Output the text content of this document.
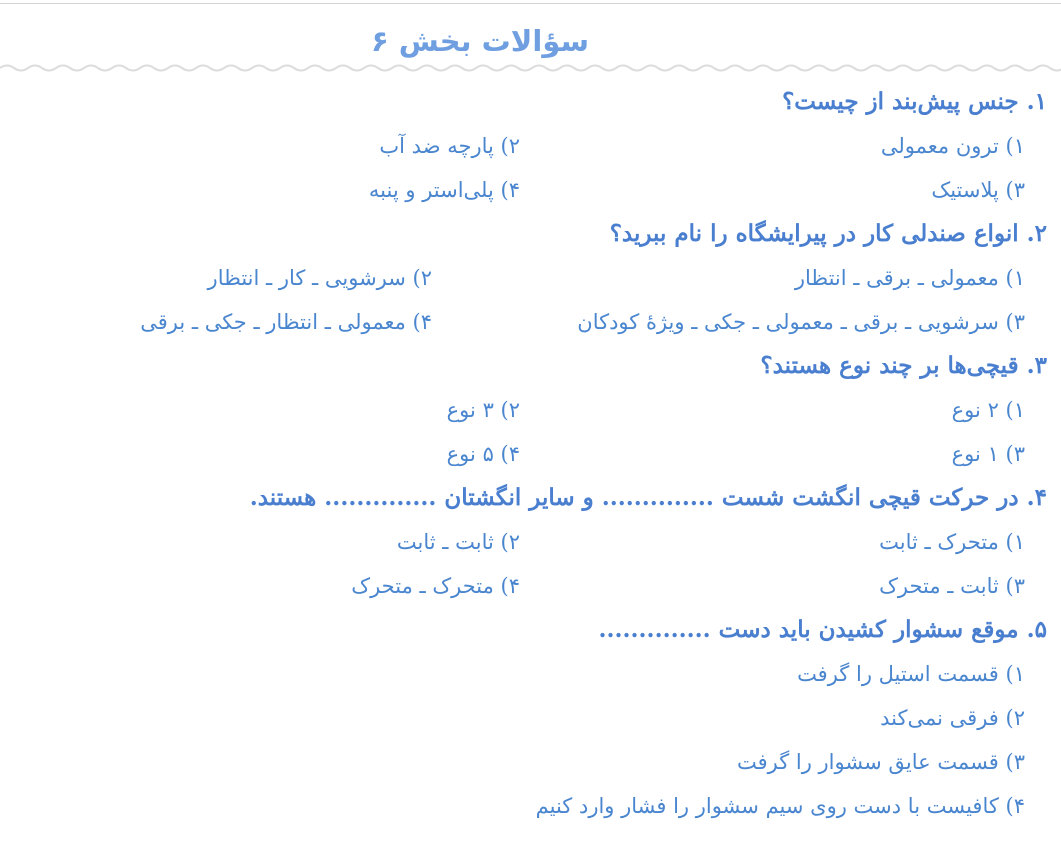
سؤالات بخش ۶
۱. جنس پیش‌بند از چیست؟
۱) ترون معمولی
۲) پارچه ضد آب
۳) پلاستیک
۴) پلی‌استر و پنبه
۲. انواع صندلی کار در پیرایشگاه را نام ببرید؟
۱) معمولی ـ برقی ـ انتظار
۲) سرشویی ـ کار ـ انتظار
۳) سرشویی ـ برقی ـ معمولی ـ جکی ـ ویژهٔ کودکان
۴) معمولی ـ انتظار ـ جکی ـ برقی
۳. قیچی‌ها بر چند نوع هستند؟
۱) ۲ نوع
۲) ۳ نوع
۳) ۱ نوع
۴) ۵ نوع
۴. در حرکت قیچی انگشت شست .............. و سایر انگشتان .............. هستند.
۱) متحرک ـ ثابت
۲) ثابت ـ ثابت
۳) ثابت ـ متحرک
۴) متحرک ـ متحرک
۵. موقع سشوار کشیدن باید دست ..............
۱) قسمت استیل را گرفت
۲) فرقی نمی‌کند
۳) قسمت عایق سشوار را گرفت
۴) کافیست با دست روی سیم سشوار را فشار وارد کنیم
